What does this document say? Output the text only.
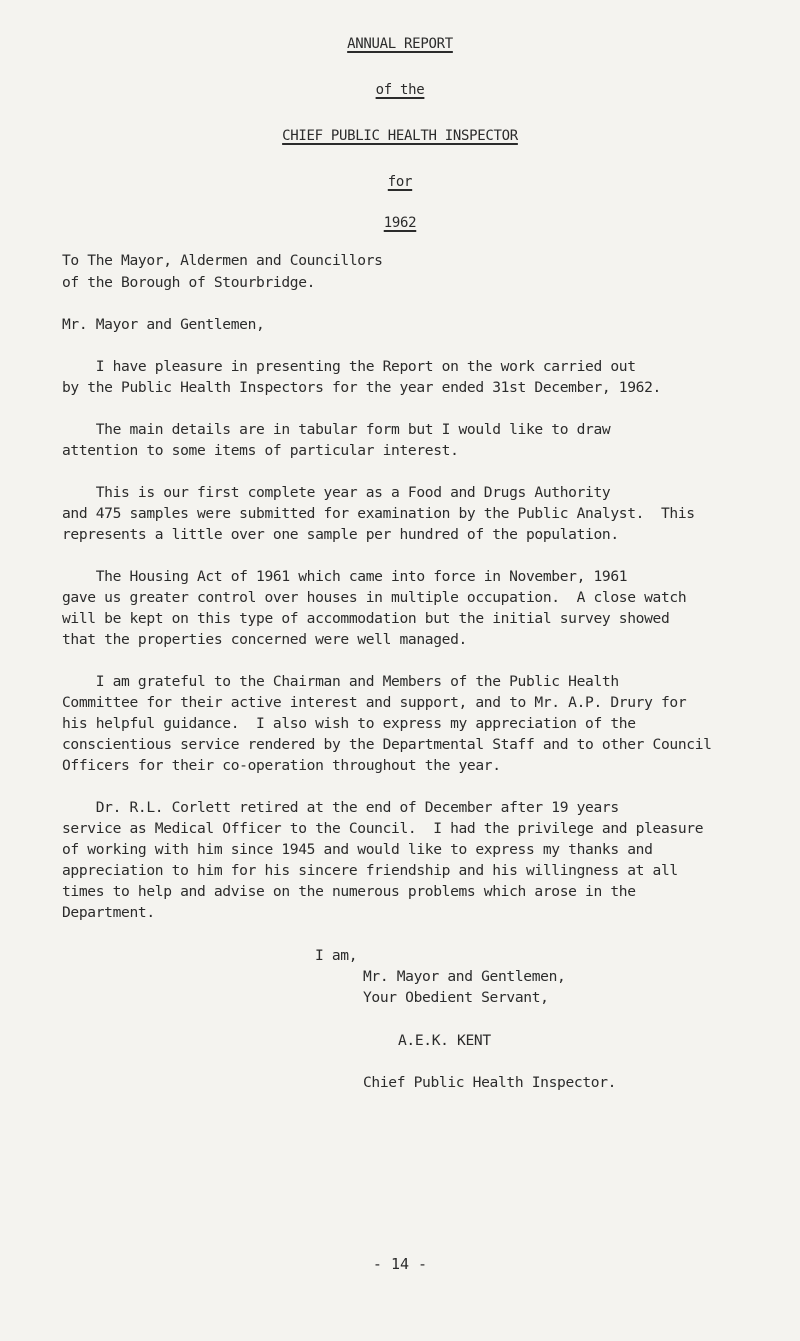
ANNUAL REPORT
of the
CHIEF PUBLIC HEALTH INSPECTOR
for
1962
To The Mayor, Aldermen and Councillors
of the Borough of Stourbridge.
Mr. Mayor and Gentlemen,
I have pleasure in presenting the Report on the work carried out
by the Public Health Inspectors for the year ended 31st December, 1962.
The main details are in tabular form but I would like to draw
attention to some items of particular interest.
This is our first complete year as a Food and Drugs Authority
and 475 samples were submitted for examination by the Public Analyst.  This
represents a little over one sample per hundred of the population.
The Housing Act of 1961 which came into force in November, 1961
gave us greater control over houses in multiple occupation.  A close watch
will be kept on this type of accommodation but the initial survey showed
that the properties concerned were well managed.
I am grateful to the Chairman and Members of the Public Health
Committee for their active interest and support, and to Mr. A.P. Drury for
his helpful guidance.  I also wish to express my appreciation of the
conscientious service rendered by the Departmental Staff and to other Council
Officers for their co-operation throughout the year.
Dr. R.L. Corlett retired at the end of December after 19 years
service as Medical Officer to the Council.  I had the privilege and pleasure
of working with him since 1945 and would like to express my thanks and
appreciation to him for his sincere friendship and his willingness at all
times to help and advise on the numerous problems which arose in the
Department.
I am,
Mr. Mayor and Gentlemen,
Your Obedient Servant,
A.E.K. KENT
Chief Public Health Inspector.
- 14 -
